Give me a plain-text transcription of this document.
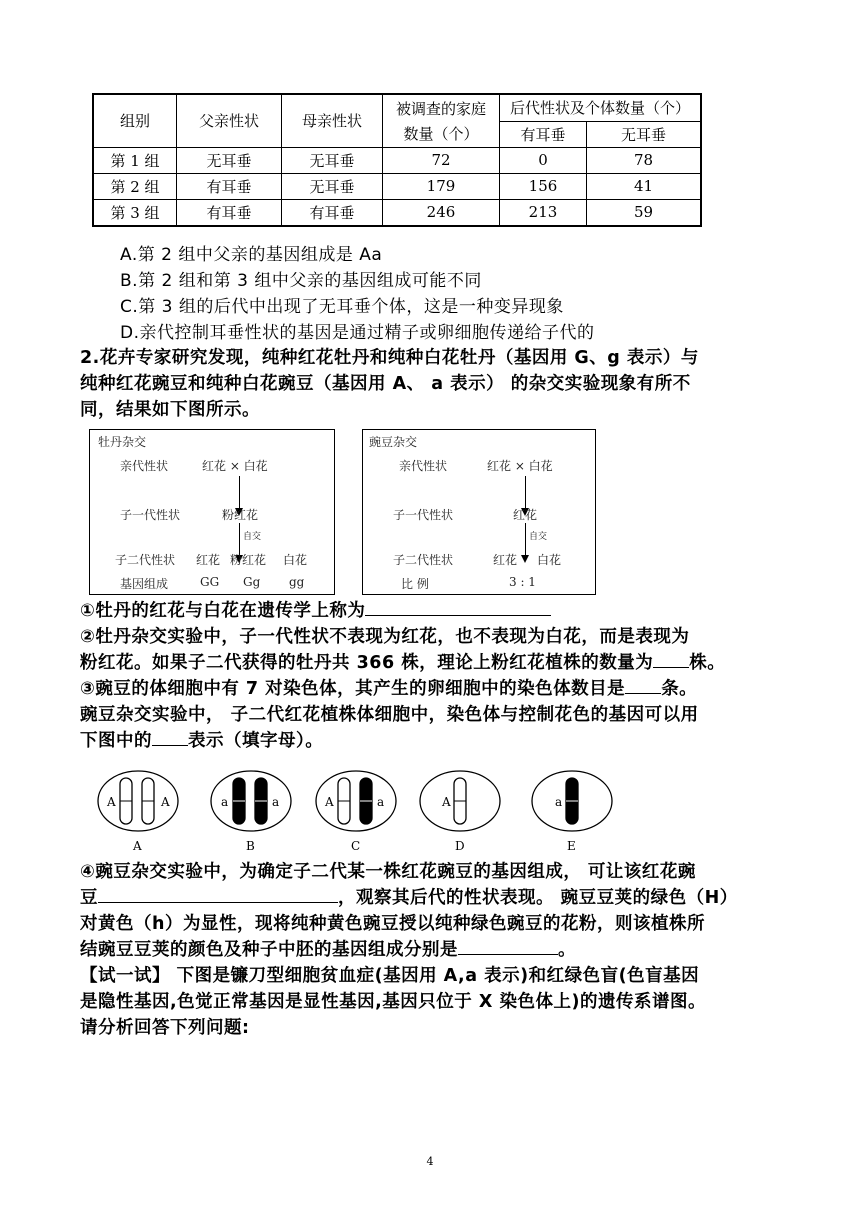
组别	父亲性状	母亲性状	被调查的家庭	后代性状及个体数量（个）	
			数量（个）	有耳垂	无耳垂
第 1 组	无耳垂	无耳垂	72	0	78
第 2 组	有耳垂	无耳垂	179	156	41
第 3 组	有耳垂	有耳垂	246	213	59
A.第 2 组中父亲的基因组成是 Aa
B.第 2 组和第 3 组中父亲的基因组成可能不同
C.第 3 组的后代中出现了无耳垂个体，这是一种变异现象
D.亲代控制耳垂性状的基因是通过精子或卵细胞传递给子代的
2.花卉专家研究发现，纯种红花牡丹和纯种白花牡丹（基因用 G、g 表示）与
纯种红花豌豆和纯种白花豌豆（基因用 A、 a 表示） 的杂交实验现象有所不
同，结果如下图所示。
牡丹杂交
亲代性状	红花 × 白花
子一代性状	粉红花
自交
子二代性状 红花 粉红花 白花
基因组成	GG Gg gg
豌豆杂交
亲代性状	红花 × 白花
子一代性状	红花
自交
子二代性状	红花 白花
比 例	3 : 1
①牡丹的红花与白花在遗传学上称为
②牡丹杂交实验中，子一代性状不表现为红花，也不表现为白花，而是表现为
粉红花。如果子二代获得的牡丹共 366 株，理论上粉红花植株的数量为 株。
③豌豆的体细胞中有 7 对染色体，其产生的卵细胞中的染色体数目是 条。
豌豆杂交实验中， 子二代红花植株体细胞中，染色体与控制花色的基因可以用
下图中的 表示（填字母）。
A	A
A
a	a
B
A	a
C
A
D
a
E
④豌豆杂交实验中，为确定子二代某一株红花豌豆的基因组成， 可让该红花豌
豆	，观察其后代的性状表现。 豌豆豆荚的绿色（H）
对黄色（h）为显性，现将纯种黄色豌豆授以纯种绿色豌豆的花粉，则该植株所
结豌豆豆荚的颜色及种子中胚的基因组成分别是	。
【试一试】 下图是镰刀型细胞贫血症(基因用 A,a 表示)和红绿色盲(色盲基因
是隐性基因,色觉正常基因是显性基因,基因只位于 X 染色体上)的遗传系谱图。
请分析回答下列问题:
4
